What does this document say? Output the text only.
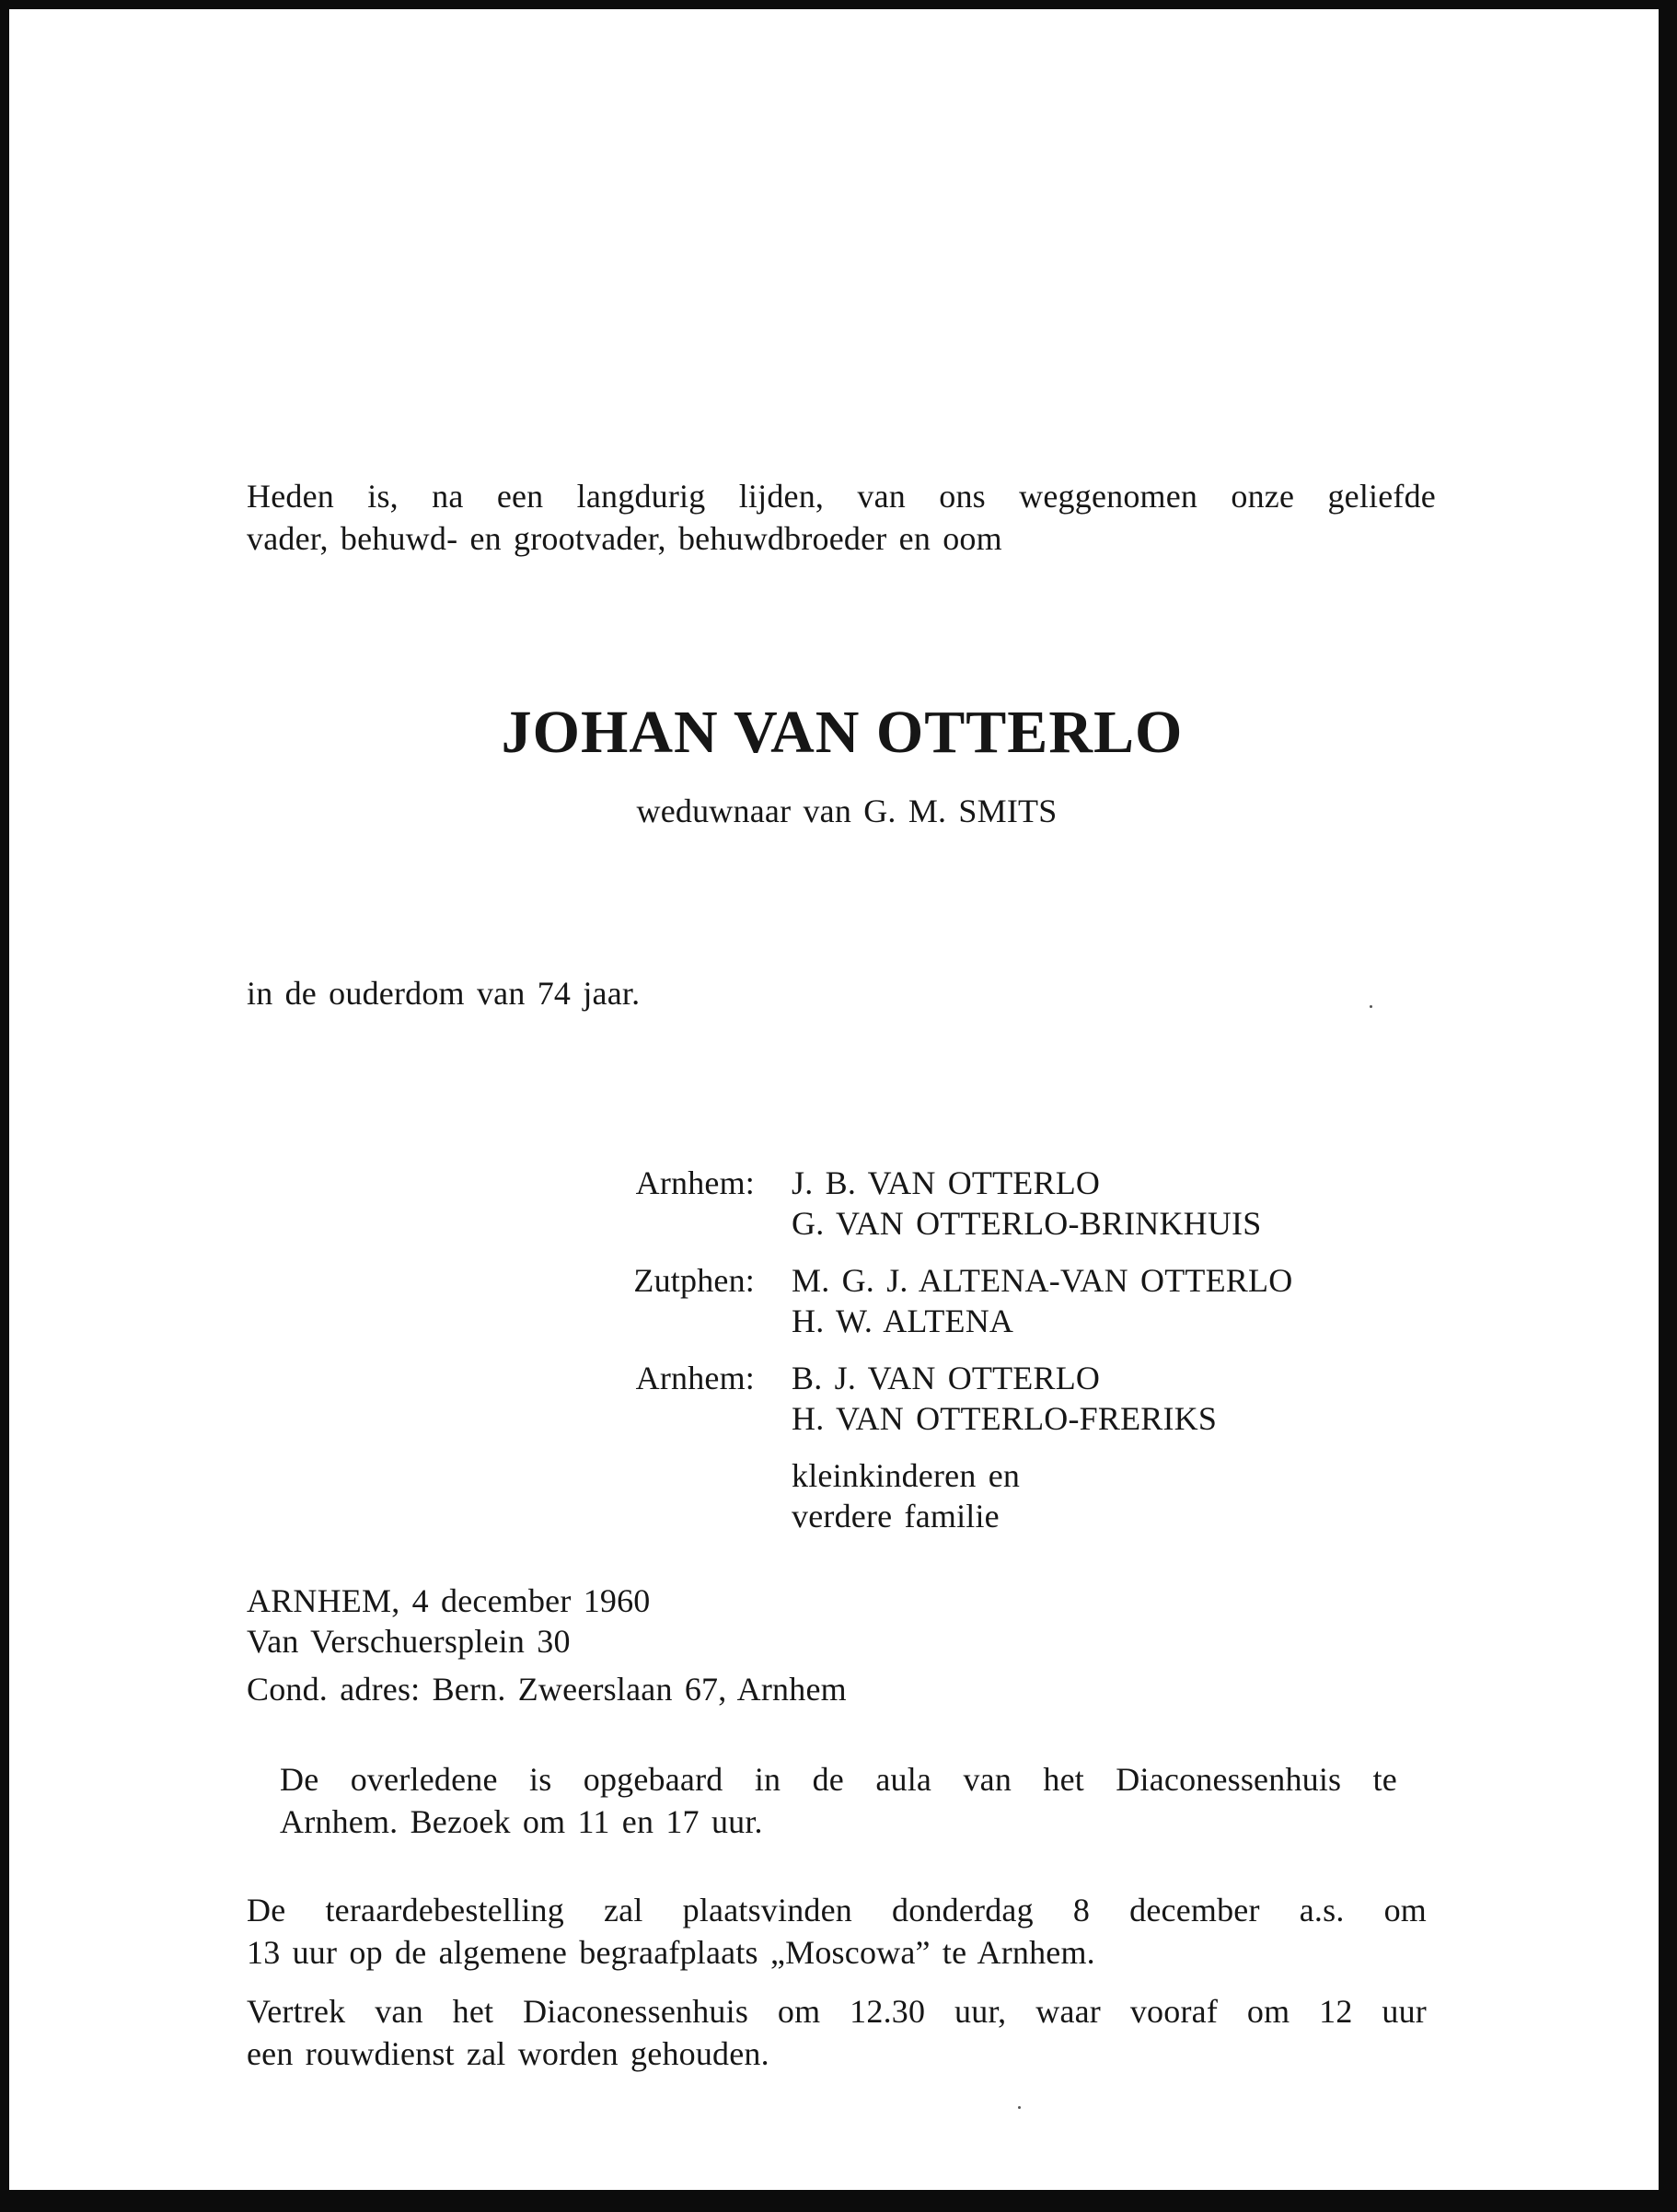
Heden is, na een langdurig lijden, van ons weggenomen onze geliefde
vader, behuwd- en grootvader, behuwdbroeder en oom
JOHAN VAN OTTERLO
weduwnaar van G. M. SMITS
in de ouderdom van 74 jaar.
Arnhem: J. B. VAN OTTERLO
G. VAN OTTERLO-BRINKHUIS
Zutphen: M. G. J. ALTENA-VAN OTTERLO
H. W. ALTENA
Arnhem: B. J. VAN OTTERLO
H. VAN OTTERLO-FRERIKS
kleinkinderen en
verdere familie
ARNHEM, 4 december 1960
Van Verschuersplein 30
Cond. adres: Bern. Zweerslaan 67, Arnhem
De overledene is opgebaard in de aula van het Diaconessenhuis te
Arnhem. Bezoek om 11 en 17 uur.
De teraardebestelling zal plaatsvinden donderdag 8 december a.s. om
13 uur op de algemene begraafplaats „Moscowa” te Arnhem.
Vertrek van het Diaconessenhuis om 12.30 uur, waar vooraf om 12 uur
een rouwdienst zal worden gehouden.
